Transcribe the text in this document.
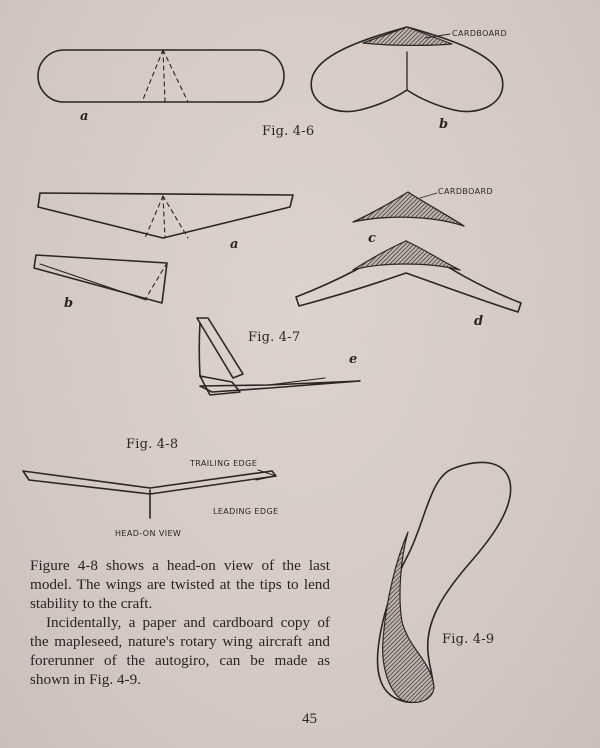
a
Fig. 4-6	b
CARDBOARD
a
b
c
d
e
Fig. 4-7
CARDBOARD
Fig. 4-8
TRAILING EDGE
LEADING EDGE
HEAD-ON VIEW
Fig. 4-9

Figure 4-8 shows a head-on view of the last model. The wings are twisted at the tips to lend stability to the craft.

Incidentally, a paper and cardboard copy of the mapleseed, nature's rotary wing aircraft and forerunner of the autogiro, can be made as shown in Fig. 4-9.

45
